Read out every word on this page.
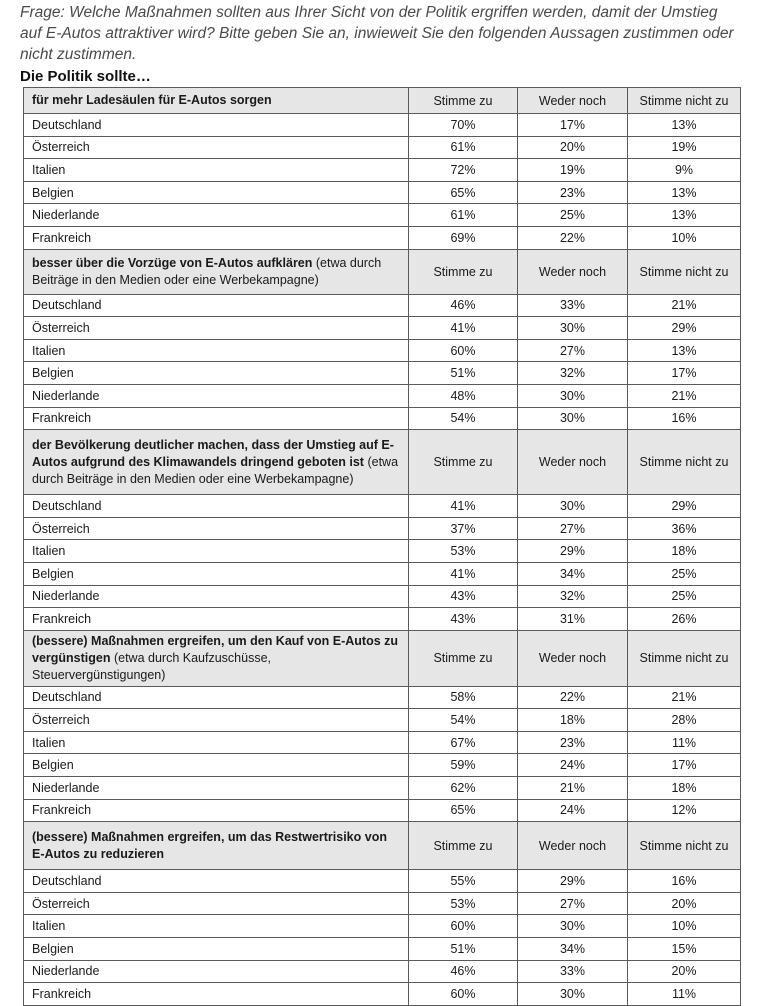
Frage: Welche Maßnahmen sollten aus Ihrer Sicht von der Politik ergriffen werden, damit der Umstieg auf E-Autos attraktiver wird? Bitte geben Sie an, inwieweit Sie den folgenden Aussagen zustimmen oder nicht zustimmen.
Die Politik sollte…
für mehr Ladesäulen für E-Autos sorgen	Stimme zu	Weder noch	Stimme nicht zu
Deutschland	70%	17%	13%
Österreich	61%	20%	19%
Italien	72%	19%	9%
Belgien	65%	23%	13%
Niederlande	61%	25%	13%
Frankreich	69%	22%	10%
besser über die Vorzüge von E-Autos aufklären (etwa durch Beiträge in den Medien oder eine Werbekampagne)	Stimme zu	Weder noch	Stimme nicht zu
Deutschland	46%	33%	21%
Österreich	41%	30%	29%
Italien	60%	27%	13%
Belgien	51%	32%	17%
Niederlande	48%	30%	21%
Frankreich	54%	30%	16%
der Bevölkerung deutlicher machen, dass der Umstieg auf E-Autos aufgrund des Klimawandels dringend geboten ist (etwa durch Beiträge in den Medien oder eine Werbekampagne)	Stimme zu	Weder noch	Stimme nicht zu
Deutschland	41%	30%	29%
Österreich	37%	27%	36%
Italien	53%	29%	18%
Belgien	41%	34%	25%
Niederlande	43%	32%	25%
Frankreich	43%	31%	26%
(bessere) Maßnahmen ergreifen, um den Kauf von E-Autos zu vergünstigen (etwa durch Kaufzuschüsse, Steuervergünstigungen)	Stimme zu	Weder noch	Stimme nicht zu
Deutschland	58%	22%	21%
Österreich	54%	18%	28%
Italien	67%	23%	11%
Belgien	59%	24%	17%
Niederlande	62%	21%	18%
Frankreich	65%	24%	12%
(bessere) Maßnahmen ergreifen, um das Restwertrisiko von E-Autos zu reduzieren	Stimme zu	Weder noch	Stimme nicht zu
Deutschland	55%	29%	16%
Österreich	53%	27%	20%
Italien	60%	30%	10%
Belgien	51%	34%	15%
Niederlande	46%	33%	20%
Frankreich	60%	30%	11%
